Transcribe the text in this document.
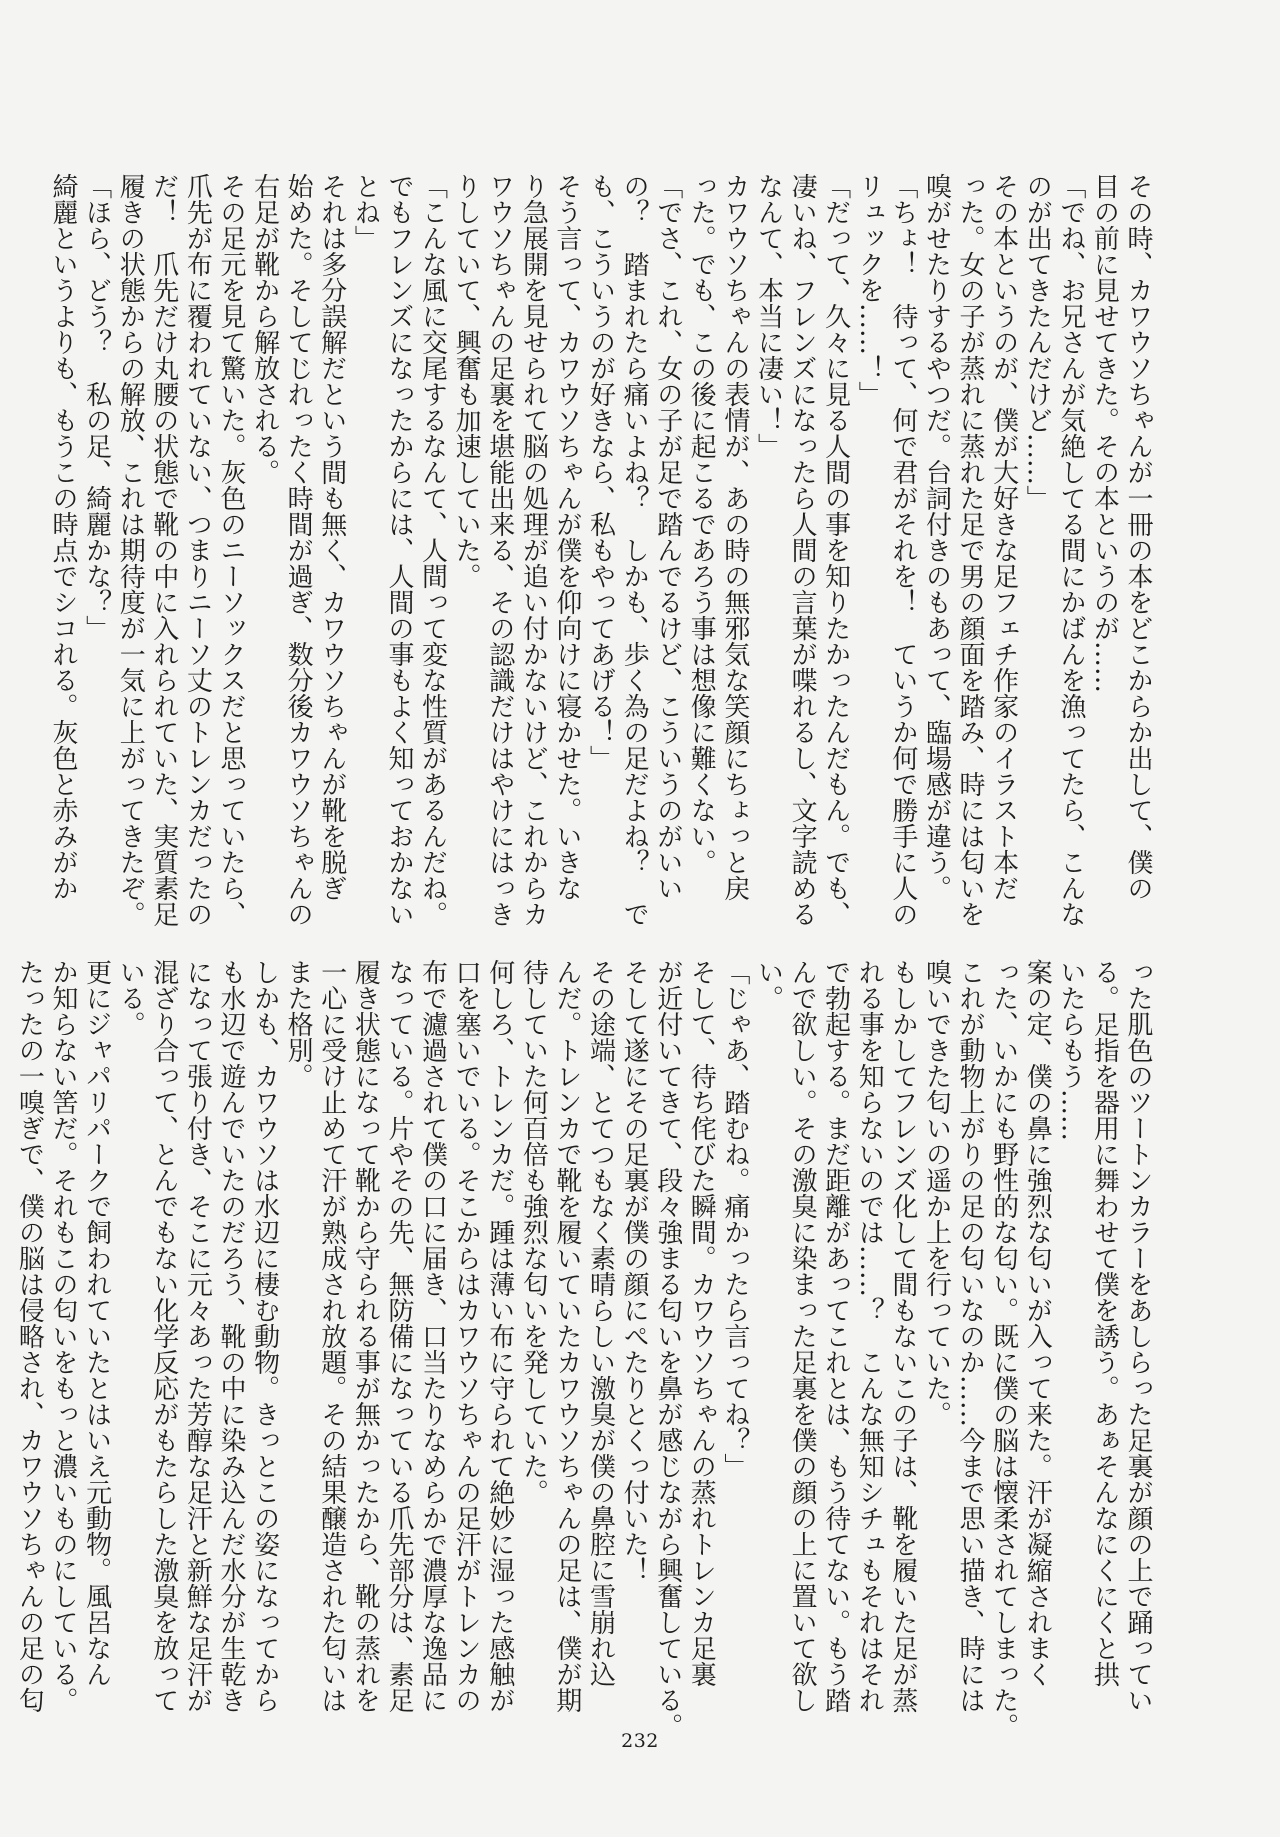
その時、カワウソちゃんが一冊の本をどこからか出して、僕の

目の前に見せてきた。その本というのが……

「でね、お兄さんが気絶してる間にかばんを漁ってたら、こんな

のが出てきたんだけど……」

その本というのが、僕が大好きな足フェチ作家のイラスト本だ

った。女の子が蒸れに蒸れた足で男の顔面を踏み、時には匂いを

嗅がせたりするやつだ。台詞付きのもあって、臨場感が違う。

「ちょ！　待って、何で君がそれを！　ていうか何で勝手に人の

リュックを……！」

「だって、久々に見る人間の事を知りたかったんだもん。でも、

凄いね、フレンズになったら人間の言葉が喋れるし、文字読める

なんて、本当に凄い！」

カワウソちゃんの表情が、あの時の無邪気な笑顔にちょっと戻

った。でも、この後に起こるであろう事は想像に難くない。

「でさ、これ、女の子が足で踏んでるけど、こういうのがいい

の？　踏まれたら痛いよね？　しかも、歩く為の足だよね？　で

も、こういうのが好きなら、私もやってあげる！」

そう言って、カワウソちゃんが僕を仰向けに寝かせた。いきな

り急展開を見せられて脳の処理が追い付かないけど、これからカ

ワウソちゃんの足裏を堪能出来る、その認識だけはやけにはっき

りしていて、興奮も加速していた。

「こんな風に交尾するなんて、人間って変な性質があるんだね。

でもフレンズになったからには、人間の事もよく知っておかない

とね」

それは多分誤解だという間も無く、カワウソちゃんが靴を脱ぎ

始めた。そしてじれったく時間が過ぎ、数分後カワウソちゃんの

右足が靴から解放される。

その足元を見て驚いた。灰色のニーソックスだと思っていたら、

爪先が布に覆われていない、つまりニーソ丈のトレンカだったの

だ！　爪先だけ丸腰の状態で靴の中に入れられていた、実質素足

履きの状態からの解放、これは期待度が一気に上がってきたぞ。

「ほら、どう？　私の足、綺麗かな？」

綺麗というよりも、もうこの時点でシコれる。灰色と赤みがか

った肌色のツートンカラーをあしらった足裏が顔の上で踊ってい

る。足指を器用に舞わせて僕を誘う。あぁそんなにくにくと拱

いたらもう……

案の定、僕の鼻に強烈な匂いが入って来た。汗が凝縮されまく

った、いかにも野性的な匂い。既に僕の脳は懐柔されてしまった。

これが動物上がりの足の匂いなのか……今まで思い描き、時には

嗅いできた匂いの遥か上を行っていた。

もしかしてフレンズ化して間もないこの子は、靴を履いた足が蒸

れる事を知らないのでは……？　こんな無知シチュもそれはそれ

で勃起する。まだ距離があってこれとは、もう待てない。もう踏

んで欲しい。その激臭に染まった足裏を僕の顔の上に置いて欲し

い。

「じゃあ、踏むね。痛かったら言ってね？」

そして、待ち侘びた瞬間。カワウソちゃんの蒸れトレンカ足裏

が近付いてきて、段々強まる匂いを鼻が感じながら興奮している。

そして遂にその足裏が僕の顔にぺたりとくっ付いた！

その途端、とてつもなく素晴らしい激臭が僕の鼻腔に雪崩れ込

んだ。トレンカで靴を履いていたカワウソちゃんの足は、僕が期

待していた何百倍も強烈な匂いを発していた。

何しろ、トレンカだ。踵は薄い布に守られて絶妙に湿った感触が

口を塞いでいる。そこからはカワウソちゃんの足汗がトレンカの

布で濾過されて僕の口に届き、口当たりなめらかで濃厚な逸品に

なっている。片やその先、無防備になっている爪先部分は、素足

履き状態になって靴から守られる事が無かったから、靴の蒸れを

一心に受け止めて汗が熟成され放題。その結果醸造された匂いは

また格別。

しかも、カワウソは水辺に棲む動物。きっとこの姿になってから

も水辺で遊んでいたのだろう、靴の中に染み込んだ水分が生乾き

になって張り付き、そこに元々あった芳醇な足汗と新鮮な足汗が

混ざり合って、とんでもない化学反応がもたらした激臭を放って

いる。

更にジャパリパークで飼われていたとはいえ元動物。風呂なん

か知らない筈だ。それもこの匂いをもっと濃いものにしている。

たったの一嗅ぎで、僕の脳は侵略され、カワウソちゃんの足の匂

232
